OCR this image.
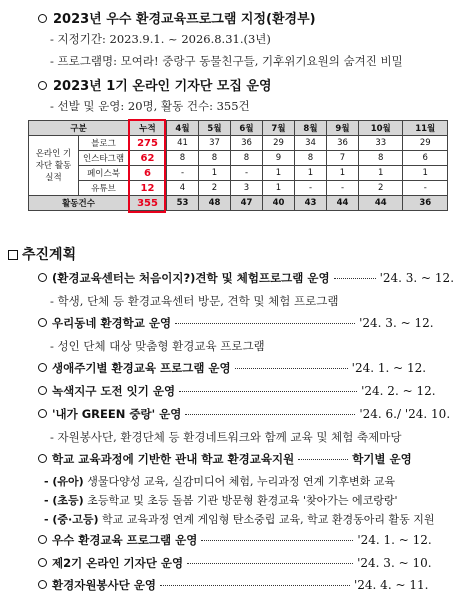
2023년 우수 환경교육프로그램 지정(환경부)
- 지정기간: 2023.9.1. ~ 2026.8.31.(3년)
- 프로그램명: 모여라! 중랑구 동물친구들, 기후위기요원의 숨겨진 비밀
2023년 1기 온라인 기자단 모집 운영
- 선발 및 운영: 20명, 활동 건수: 355건
구분		누적	4월	5월	6월	7월	8월	9월	10월	11월
온라인 기자단 활동실적	블로그	275	41	37	36	29	34	36	33	29
	인스타그램	62	8	8	8	9	8	7	8	6
	페이스북	6	-	1	-	1	1	1	1	1
	유튜브	12	4	2	3	1	-	-	2	-
활동건수		355	53	48	47	40	43	44	44	36
추진계획
(환경교육센터는 처음이지?)견학 및 체험프로그램 운영	'24. 3. ~ 12.
- 학생, 단체 등 환경교육센터 방문, 견학 및 체험 프로그램
우리동네 환경학교 운영	'24. 3. ~ 12.
- 성인 단체 대상 맞춤형 환경교육 프로그램
생애주기별 환경교육 프로그램 운영	'24. 1. ~ 12.
녹색지구 도전 잇기 운영	'24. 2. ~ 12.
'내가 GREEN 중랑' 운영	'24. 6./ '24. 10.
- 자원봉사단, 환경단체 등 환경네트워크와 함께 교육 및 체험 축제마당
학교 교육과정에 기반한 관내 학교 환경교육지원	학기별 운영
- (유아) 생물다양성 교육, 실감미디어 체험, 누리과정 연계 기후변화 교육
- (초등) 초등학교 및 초등 돌봄 기관 방문형 환경교육 '찾아가는 에코랑랑'
- (중·고등) 학교 교육과정 연계 게임형 탄소중립 교육, 학교 환경동아리 활동 지원
우수 환경교육 프로그램 운영	'24. 1. ~ 12.
제2기 온라인 기자단 운영	'24. 3. ~ 10.
환경자원봉사단 운영	'24. 4. ~ 11.
